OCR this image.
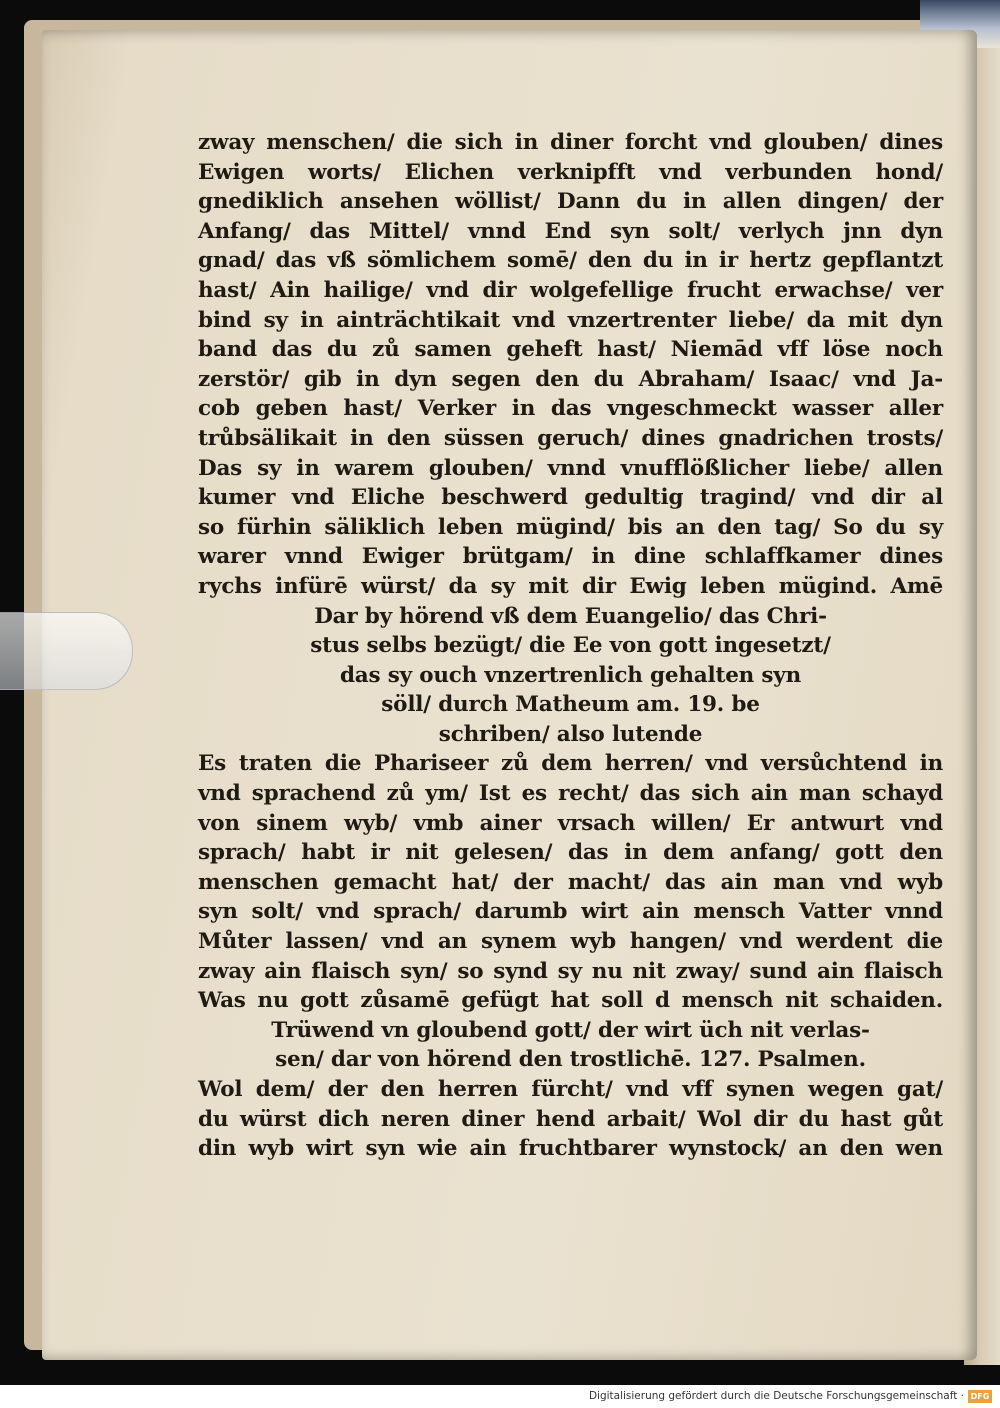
zway menschen/ die sich in diner forcht vnd glouben/ dines
Ewigen worts/ Elichen verknipfft vnd verbunden hond/
gnediklich ansehen wöllist/ Dann du in allen dingen/ der
Anfang/ das Mittel/ vnnd End syn solt/ verlych jnn dyn
gnad/ das vß sömlichem somē/ den du in ir hertz gepflantzt
hast/ Ain hailige/ vnd dir wolgefellige frucht erwachse/ ver
bind sy in ainträchtikait vnd vnzertrenter liebe/ da mit dyn
band das du zů samen geheft hast/ Niemād vff löse noch
zerstör/ gib in dyn segen den du Abraham/ Isaac/ vnd Ja-
cob geben hast/ Verker in das vngeschmeckt wasser aller
trůbsälikait in den süssen geruch/ dines gnadrichen trosts/
Das sy in warem glouben/ vnnd vnufflößlicher liebe/ allen
kumer vnd Eliche beschwerd gedultig tragind/ vnd dir al
so fürhin säliklich leben mügind/ bis an den tag/ So du sy
warer vnnd Ewiger brütgam/ in dine schlaffkamer dines
rychs infürē würst/ da sy mit dir Ewig leben mügind. Amē
Dar by hörend vß dem Euangelio/ das Chri-
stus selbs bezügt/ die Ee von gott ingesetzt/
das sy ouch vnzertrenlich gehalten syn
söll/ durch Matheum am. 19. be
schriben/ also lutende
Es traten die Phariseer zů dem herren/ vnd versůchtend in
vnd sprachend zů ym/ Ist es recht/ das sich ain man schayd
von sinem wyb/ vmb ainer vrsach willen/ Er antwurt vnd
sprach/ habt ir nit gelesen/ das in dem anfang/ gott den
menschen gemacht hat/ der macht/ das ain man vnd wyb
syn solt/ vnd sprach/ darumb wirt ain mensch Vatter vnnd
Můter lassen/ vnd an synem wyb hangen/ vnd werdent die
zway ain flaisch syn/ so synd sy nu nit zway/ sund ain flaisch
Was nu gott zůsamē gefügt hat soll d mensch nit schaiden.
Trüwend vn gloubend gott/ der wirt üch nit verlas-
sen/ dar von hörend den trostlichē. 127. Psalmen.
Wol dem/ der den herren fürcht/ vnd vff synen wegen gat/
du würst dich neren diner hend arbait/ Wol dir du hast gůt
din wyb wirt syn wie ain fruchtbarer wynstock/ an den wen
Digitalisierung gefördert durch die Deutsche Forschungsgemeinschaft · DFG
